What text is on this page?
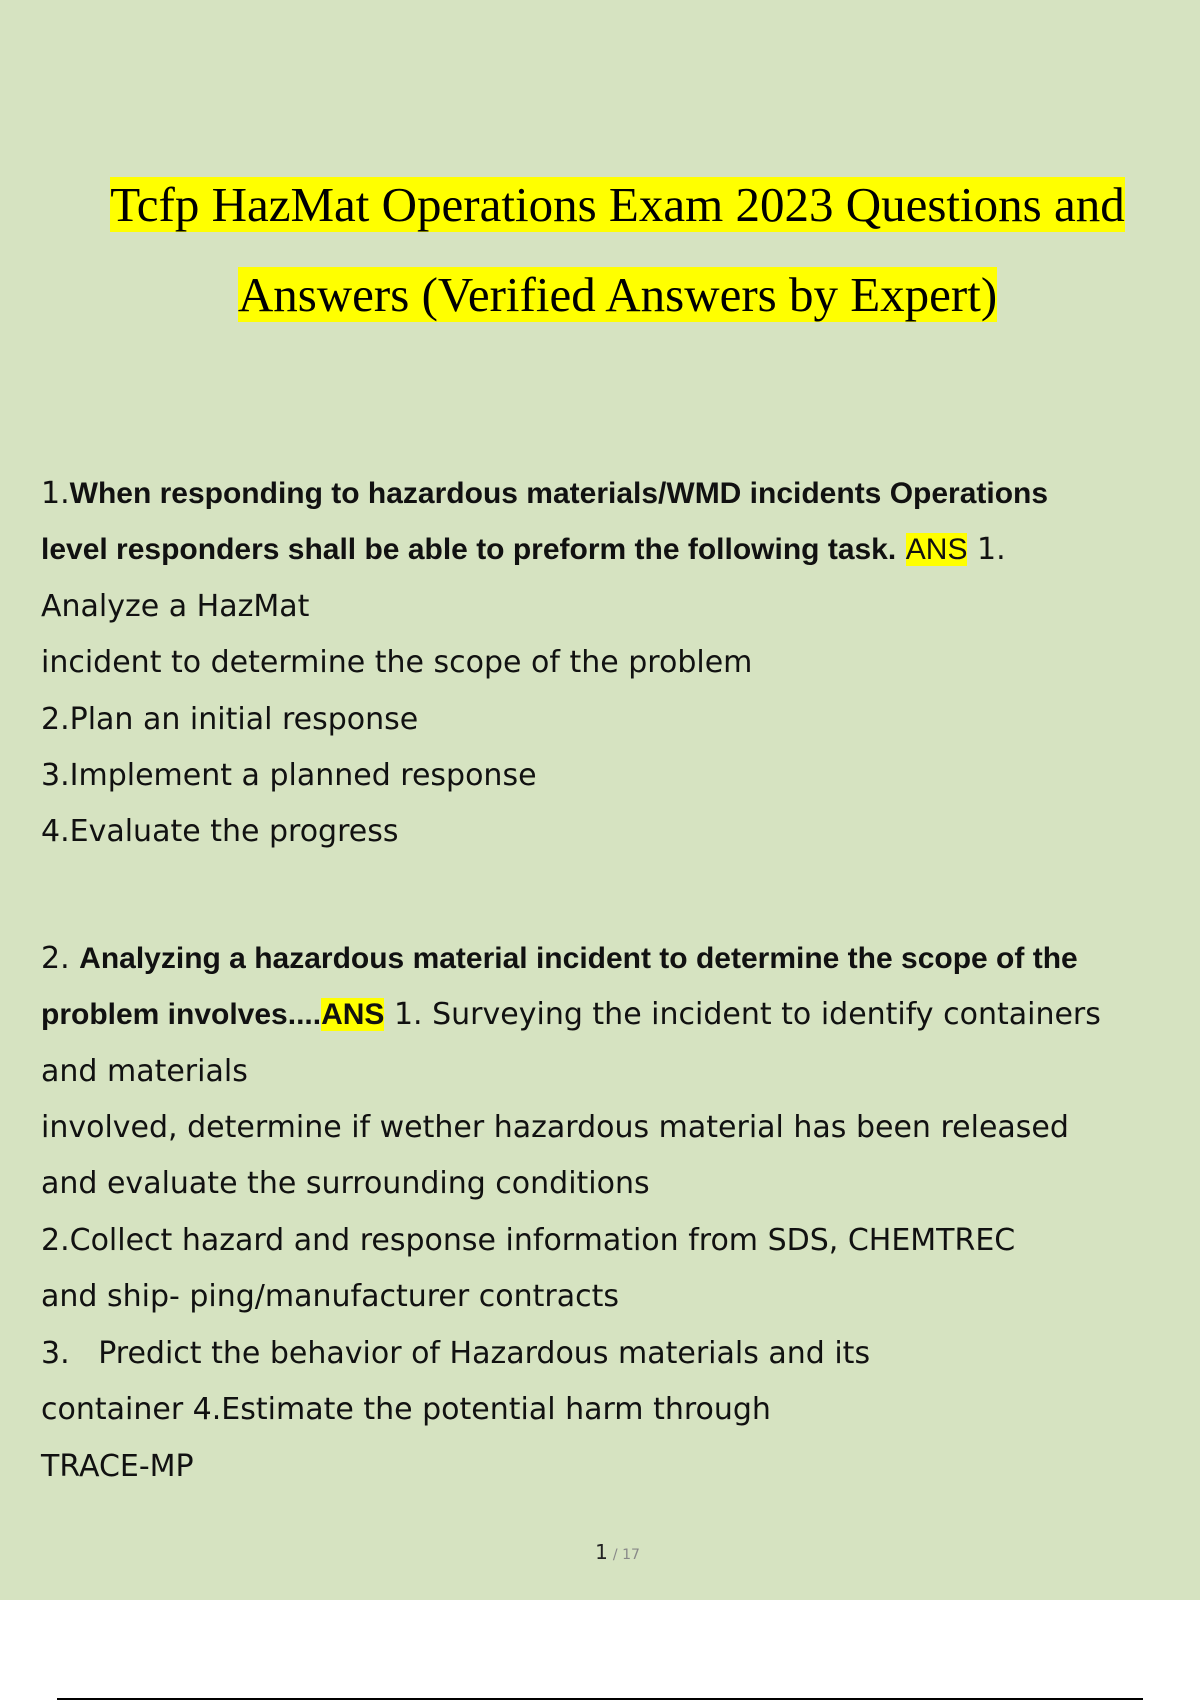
Tcfp HazMat Operations Exam 2023 Questions and
Answers (Verified Answers by Expert)

1.When responding to hazardous materials/WMD incidents Operations

level responders shall be able to preform the following task. ANS 1.

Analyze a HazMat

incident to determine the scope of the problem

2.Plan an initial response

3.Implement a planned response

4.Evaluate the progress

2. Analyzing a hazardous material incident to determine the scope of the

problem involves....ANS 1. Surveying the incident to identify containers

and materials

involved, determine if wether hazardous material has been released

and evaluate the surrounding conditions

2.Collect hazard and response information from SDS, CHEMTREC

and ship- ping/manufacturer contracts

3.   Predict the behavior of Hazardous materials and its

container 4.Estimate the potential harm through

TRACE-MP

1 / 17
